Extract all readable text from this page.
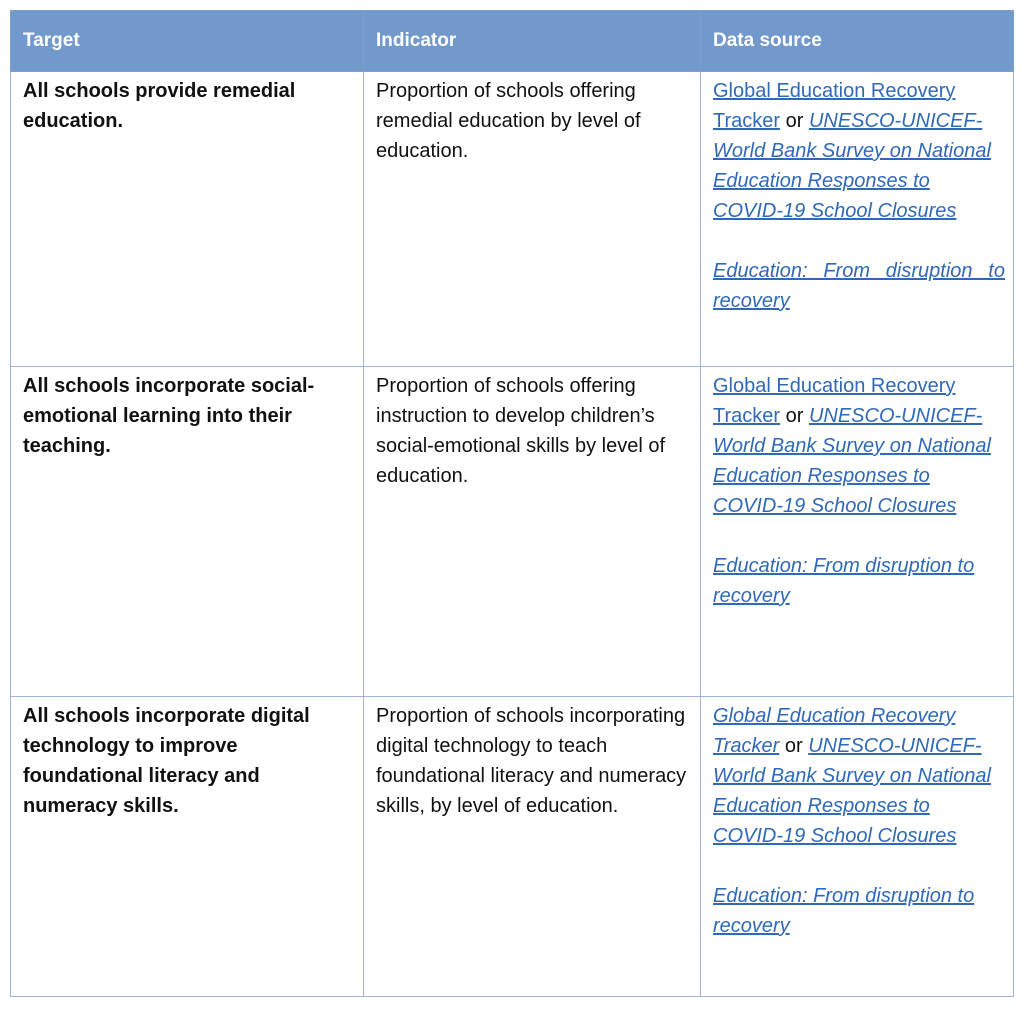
Target	Indicator	Data source
All schools provide remedial education.	Proportion of schools offering remedial education by level of education.	Global Education Recovery Tracker or UNESCO-UNICEF-World Bank Survey on National Education Responses to COVID-19 School Closures
Education: From disruption to recovery

All schools incorporate social-emotional learning into their teaching.	Proportion of schools offering instruction to develop children’s social-emotional skills by level of education.	Global Education Recovery Tracker or UNESCO-UNICEF-World Bank Survey on National Education Responses to COVID-19 School Closures
Education: From disruption to recovery

All schools incorporate digital technology to improve foundational literacy and numeracy skills.	Proportion of schools incorporating digital technology to teach foundational literacy and numeracy skills, by level of education.	Global Education Recovery Tracker or UNESCO-UNICEF-World Bank Survey on National Education Responses to COVID-19 School Closures
Education: From disruption to recovery
